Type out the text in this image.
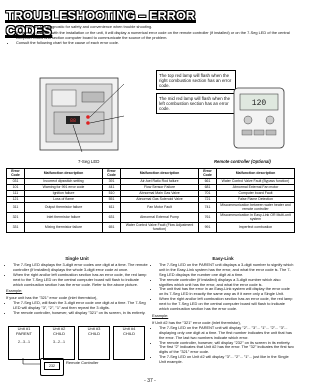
TROUBLESHOOTING – ERROR CODES
• The units are self diagnostic for safety and convenience when trouble shooting.
• If there is a problem with the installation or the unit, it will display a numerical error code on the remote controller (if installed) or on the 7-Seg LED of the central computer board and section computer board to communicate the source of the problem.
• Consult the following chart for the cause of each error code.
88
The top red lamp will flash when the right combustion section has an error code.
The mid red lamp will flash when the left combustion section has an error code.
120
7-Seg LED	Remote controller (Optional)
Error Code	Malfunction description	Error Code	Malfunction description	Error Code	Malfunction description
031	Incorrect dipswitch setting	391	Air-fuel Ratio Rod failure	661	Water Control Valve Fault (Bypass function)
101	Warning for 991 error code	441	Flow Sensor Failure	681	Abnormal External Fan motor
111	Ignition failure	510	Abnormal Main Gas Valve	701	Computer board Fault
121	Loss of flame	551	Abnormal Gas Solenoid Valve	721	False Flame Detection
311	Output thermistor failure	611	Fan Motor Fault	741	Miscommunication between water heater and remote controller
321	Inlet thermistor failure	631	Abnormal External Pump	761	Miscommunication in Easy-Link OR Multi-unit system
331	Mixing thermistor failure	651	Water Control Valve Fault (Flow Adjustment function)	991	Imperfect combustion
Single Unit
• The 7-Seg LED displays the 3-digit error codes one digit at a time. The remote controller (if installed) displays the whole 3-digit error code at once.
• When the right and/or left combustion section has an error code, the red lamp next to the 7-Seg LED on the central computer board will flash to indicate which combustion section has the error code. Refer to the above picture.

Example:

If your unit has the "321" error code (inlet thermistor),

• The 7-Seg LED, will flash the 3-digit error code one digit at a time. The 7-Seg LED will display "3", "2", "1" and then repeat the 3 digits.
• The remote controller, however, will display "321" on its screen, in its entirety.
Easy-Link
• The 7-Seg LED on the PARENT unit displays a 3-digit number to signify which unit in the Easy-Link system has the error, and what the error code is. The 7-Seg LED displays the number one digit at a time.
• The remote controller (if installed) displays a 3-digit number which also signifies which unit has the error, and what the error code is.
• The unit that has the error in an Easy-Link system will display the error code on its 7-Seg LED in exactly the same way as if it were only a Single Unit.
• When the right and/or left combustion section has an error code, the red lamp next to the 7-Seg LED on the central computer board will flash to indicate which combustion section has the error code.

Example:

If Unit #2 has the "321" error code (inlet thermistor),

• The 7-Seg LED on the PARENT unit will display "2"... "3"... "1"... "2"... "3"... displaying only one digit at a time. The first number indicates the unit that has the error. The last two numbers indicate which error.
• The remote controller, however, will display "232" on its screen in its entirety. The first "2" indicates that Unit #2 has the error. The "32" indicates the first two digits of the "321" error code.
• The 7-Seg LED on Unit #2 will display "3"... "2"... "1"... just like in the Single Unit example.
Unit #1
PARENT
2...3...1
Unit #2
CHILD
3...2...1
Unit #3
CHILD
Unit #4
CHILD
232
Remote Controller
- 37 -
